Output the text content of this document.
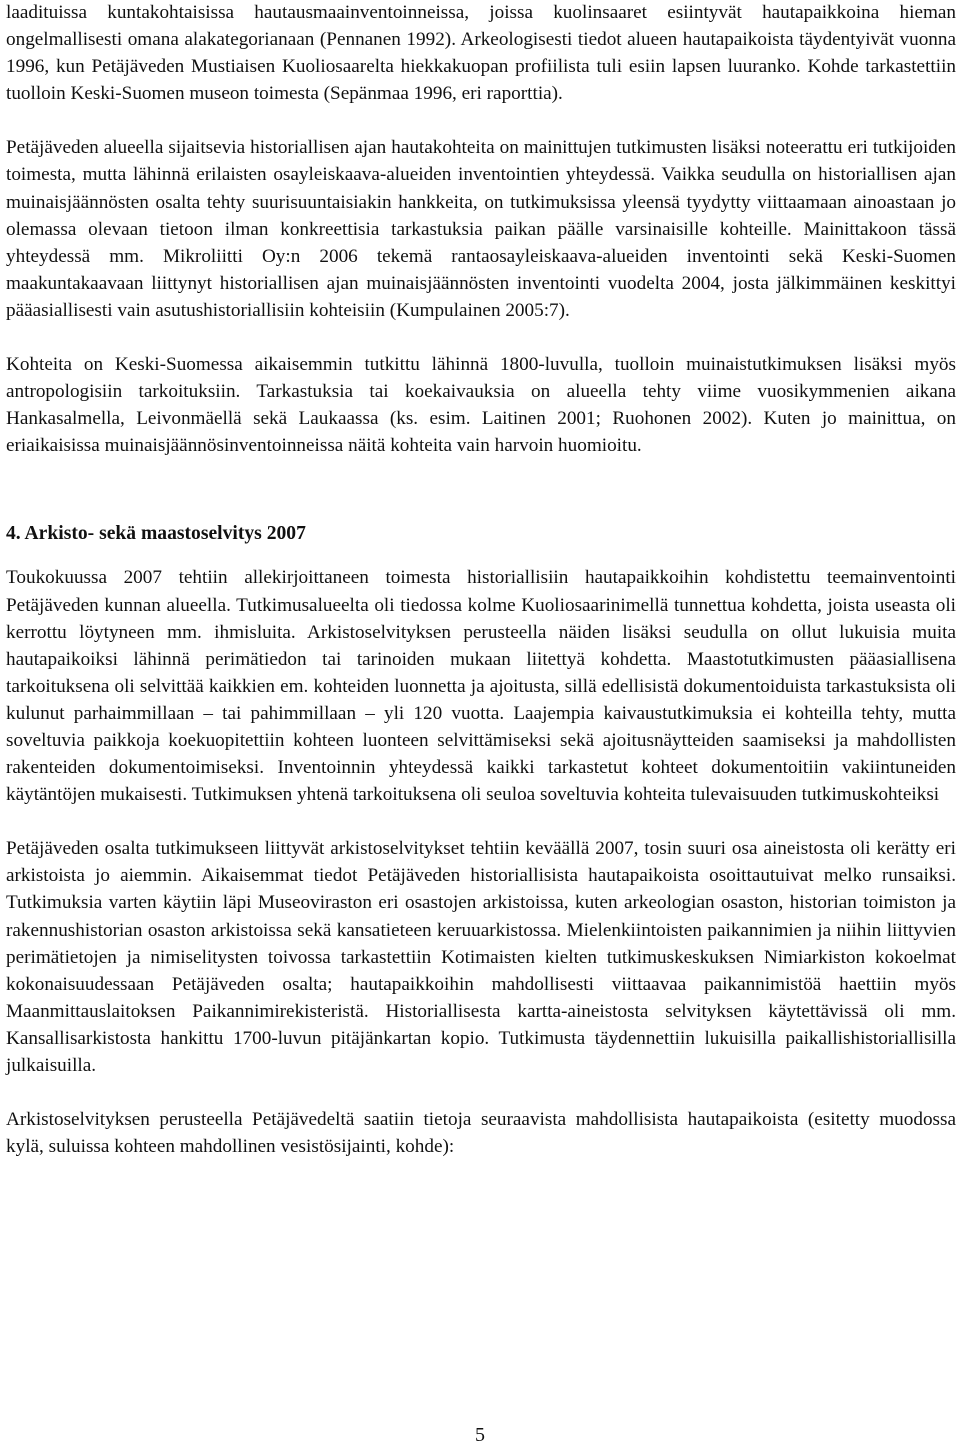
laadituissa kuntakohtaisissa hautausmaainventoinneissa, joissa kuolinsaaret esiintyvät hautapaikkoina hieman ongelmallisesti omana alakategorianaan (Pennanen 1992). Arkeologisesti tiedot alueen hautapaikoista täydentyivät vuonna 1996, kun Petäjäveden Mustiaisen Kuoliosaarelta hiekkakuopan profiilista tuli esiin lapsen luuranko. Kohde tarkastettiin tuolloin Keski-Suomen museon toimesta (Sepänmaa 1996, eri raporttia).

Petäjäveden alueella sijaitsevia historiallisen ajan hautakohteita on mainittujen tutkimusten lisäksi noteerattu eri tutkijoiden toimesta, mutta lähinnä erilaisten osayleiskaava-alueiden inventointien yhteydessä. Vaikka seudulla on historiallisen ajan muinaisjäännösten osalta tehty suurisuuntaisiakin hankkeita, on tutkimuksissa yleensä tyydytty viittaamaan ainoastaan jo olemassa olevaan tietoon ilman konkreettisia tarkastuksia paikan päälle varsinaisille kohteille. Mainittakoon tässä yhteydessä mm. Mikroliitti Oy:n 2006 tekemä rantaosayleiskaava-alueiden inventointi sekä Keski-Suomen maakuntakaavaan liittynyt historiallisen ajan muinaisjäännösten inventointi vuodelta 2004, josta jälkimmäinen keskittyi pääasiallisesti vain asutushistoriallisiin kohteisiin (Kumpulainen 2005:7).

Kohteita on Keski-Suomessa aikaisemmin tutkittu lähinnä 1800-luvulla, tuolloin muinaistutkimuksen lisäksi myös antropologisiin tarkoituksiin. Tarkastuksia tai koekaivauksia on alueella tehty viime vuosikymmenien aikana Hankasalmella, Leivonmäellä sekä Laukaassa (ks. esim. Laitinen 2001; Ruohonen 2002). Kuten jo mainittua, on eriaikaisissa muinaisjäännösinventoinneissa näitä kohteita vain harvoin huomioitu.

4. Arkisto- sekä maastoselvitys 2007

Toukokuussa 2007 tehtiin allekirjoittaneen toimesta historiallisiin hautapaikkoihin kohdistettu teemainventointi Petäjäveden kunnan alueella. Tutkimusalueelta oli tiedossa kolme Kuoliosaarinimellä tunnettua kohdetta, joista useasta oli kerrottu löytyneen mm. ihmisluita. Arkistoselvityksen perusteella näiden lisäksi seudulla on ollut lukuisia muita hautapaikoiksi lähinnä perimätiedon tai tarinoiden mukaan liitettyä kohdetta. Maastotutkimusten pääasiallisena tarkoituksena oli selvittää kaikkien em. kohteiden luonnetta ja ajoitusta, sillä edellisistä dokumentoiduista tarkastuksista oli kulunut parhaimmillaan – tai pahimmillaan – yli 120 vuotta. Laajempia kaivaustutkimuksia ei kohteilla tehty, mutta soveltuvia paikkoja koekuopitettiin kohteen luonteen selvittämiseksi sekä ajoitusnäytteiden saamiseksi ja mahdollisten rakenteiden dokumentoimiseksi. Inventoinnin yhteydessä kaikki tarkastetut kohteet dokumentoitiin vakiintuneiden käytäntöjen mukaisesti. Tutkimuksen yhtenä tarkoituksena oli seuloa soveltuvia kohteita tulevaisuuden tutkimuskohteiksi

Petäjäveden osalta tutkimukseen liittyvät arkistoselvitykset tehtiin keväällä 2007, tosin suuri osa aineistosta oli kerätty eri arkistoista jo aiemmin. Aikaisemmat tiedot Petäjäveden historiallisista hautapaikoista osoittautuivat melko runsaiksi. Tutkimuksia varten käytiin läpi Museoviraston eri osastojen arkistoissa, kuten arkeologian osaston, historian toimiston ja rakennushistorian osaston arkistoissa sekä kansatieteen keruuarkistossa. Mielenkiintoisten paikannimien ja niihin liittyvien perimätietojen ja nimiselitysten toivossa tarkastettiin Kotimaisten kielten tutkimuskeskuksen Nimiarkiston kokoelmat kokonaisuudessaan Petäjäveden osalta; hautapaikkoihin mahdollisesti viittaavaa paikannimistöä haettiin myös Maanmittauslaitoksen Paikannimirekisteristä. Historiallisesta kartta-aineistosta selvityksen käytettävissä oli mm. Kansallisarkistosta hankittu 1700-luvun pitäjänkartan kopio. Tutkimusta täydennettiin lukuisilla paikallishistoriallisilla julkaisuilla.

Arkistoselvityksen perusteella Petäjävedeltä saatiin tietoja seuraavista mahdollisista hautapaikoista (esitetty muodossa kylä, suluissa kohteen mahdollinen vesistösijainti, kohde):

5
